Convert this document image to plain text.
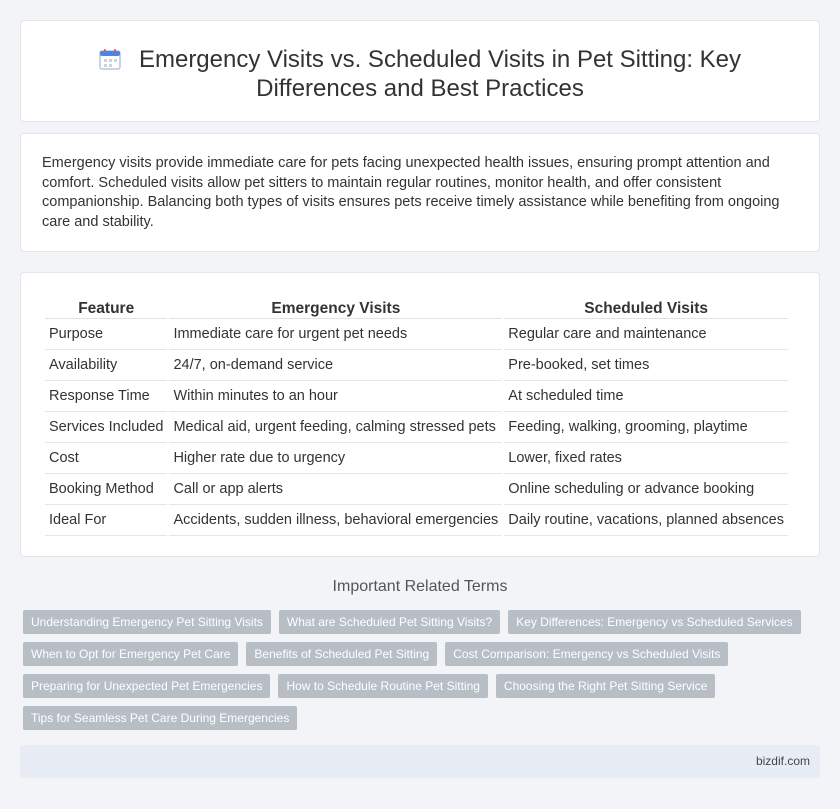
Emergency Visits vs. Scheduled Visits in Pet Sitting: Key Differences and Best Practices

Emergency visits provide immediate care for pets facing unexpected health issues, ensuring prompt attention and comfort. Scheduled visits allow pet sitters to maintain regular routines, monitor health, and offer consistent companionship. Balancing both types of visits ensures pets receive timely assistance while benefiting from ongoing care and stability.

Feature	Emergency Visits	Scheduled Visits
Purpose	Immediate care for urgent pet needs	Regular care and maintenance
Availability	24/7, on-demand service	Pre-booked, set times
Response Time	Within minutes to an hour	At scheduled time
Services Included	Medical aid, urgent feeding, calming stressed pets	Feeding, walking, grooming, playtime
Cost	Higher rate due to urgency	Lower, fixed rates
Booking Method	Call or app alerts	Online scheduling or advance booking
Ideal For	Accidents, sudden illness, behavioral emergencies	Daily routine, vacations, planned absences
Important Related Terms
Understanding Emergency Pet Sitting Visits	What are Scheduled Pet Sitting Visits?	Key Differences: Emergency vs Scheduled Services
When to Opt for Emergency Pet Care	Benefits of Scheduled Pet Sitting	Cost Comparison: Emergency vs Scheduled Visits
Preparing for Unexpected Pet Emergencies	How to Schedule Routine Pet Sitting	Choosing the Right Pet Sitting Service
Tips for Seamless Pet Care During Emergencies
bizdif.com
